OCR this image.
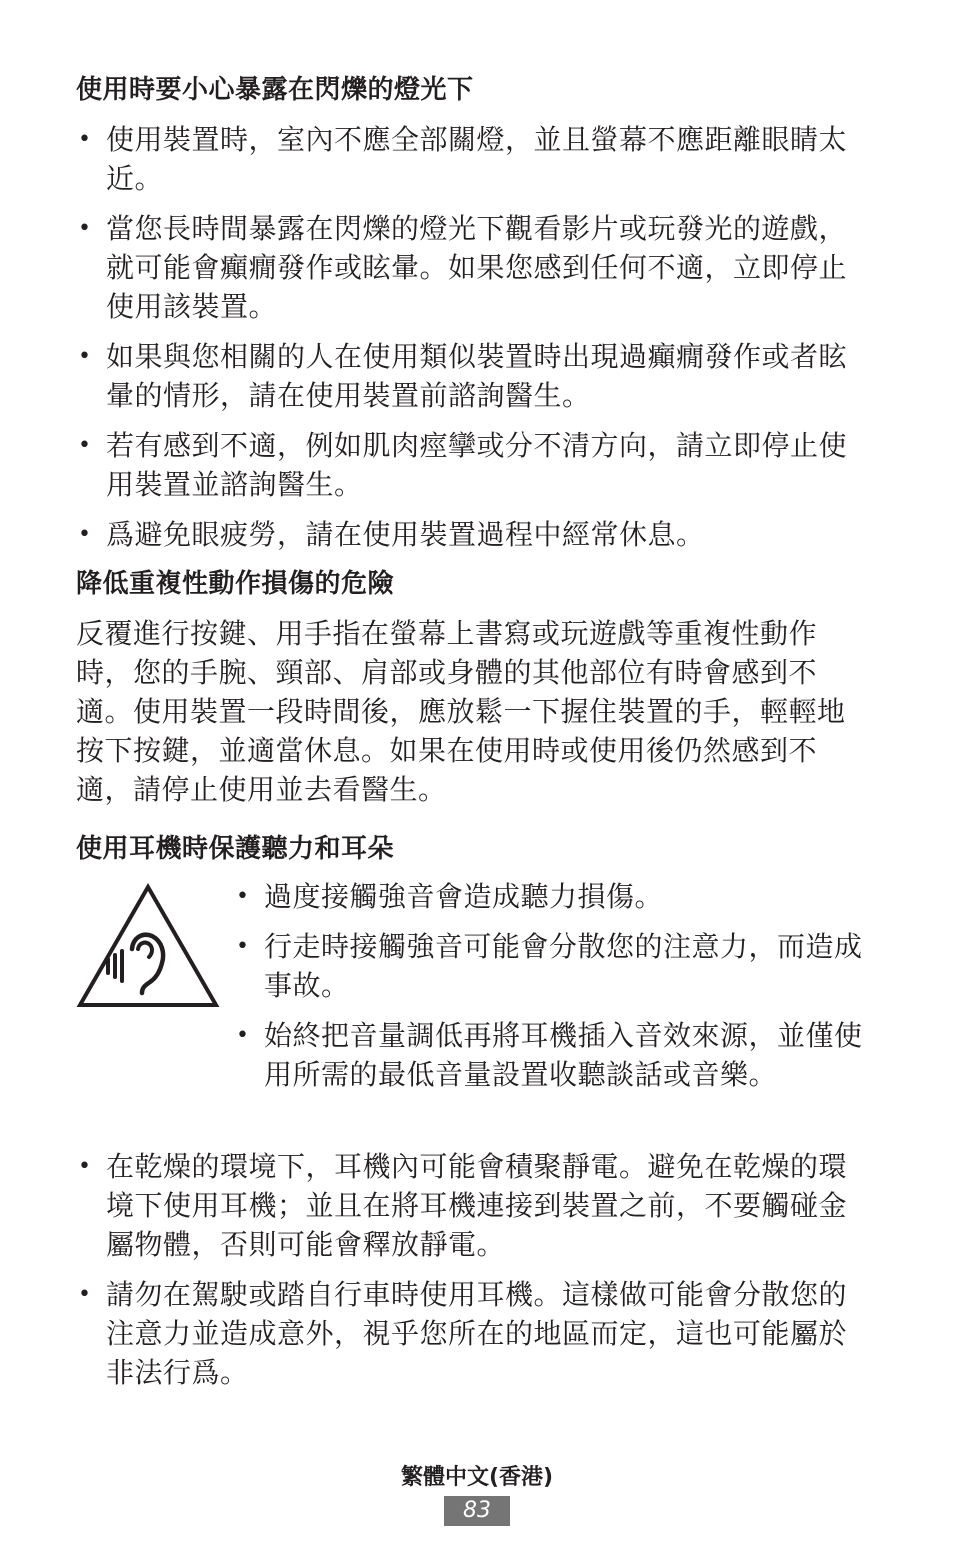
使用時要小心暴露在閃爍的燈光下
• 使用裝置時，室內不應全部關燈，並且螢幕不應距離眼睛太近。
• 當您長時間暴露在閃爍的燈光下觀看影片或玩發光的遊戲，就可能會癲癇發作或眩暈。如果您感到任何不適，立即停止使用該裝置。
• 如果與您相關的人在使用類似裝置時出現過癲癇發作或者眩暈的情形，請在使用裝置前諮詢醫生。
• 若有感到不適，例如肌肉痙攣或分不清方向，請立即停止使用裝置並諮詢醫生。
• 爲避免眼疲勞，請在使用裝置過程中經常休息。
降低重複性動作損傷的危險

反覆進行按鍵、用手指在螢幕上書寫或玩遊戲等重複性動作時，您的手腕、頸部、肩部或身體的其他部位有時會感到不適。使用裝置一段時間後，應放鬆一下握住裝置的手，輕輕地按下按鍵，並適當休息。如果在使用時或使用後仍然感到不適，請停止使用並去看醫生。

使用耳機時保護聽力和耳朵
• 過度接觸強音會造成聽力損傷。
• 行走時接觸強音可能會分散您的注意力，而造成事故。
• 始終把音量調低再將耳機插入音效來源，並僅使用所需的最低音量設置收聽談話或音樂。
• 在乾燥的環境下，耳機內可能會積聚靜電。避免在乾燥的環境下使用耳機；並且在將耳機連接到裝置之前，不要觸碰金屬物體，否則可能會釋放靜電。
• 請勿在駕駛或踏自行車時使用耳機。這樣做可能會分散您的注意力並造成意外，視乎您所在的地區而定，這也可能屬於非法行爲。
繁體中文(香港)
83
